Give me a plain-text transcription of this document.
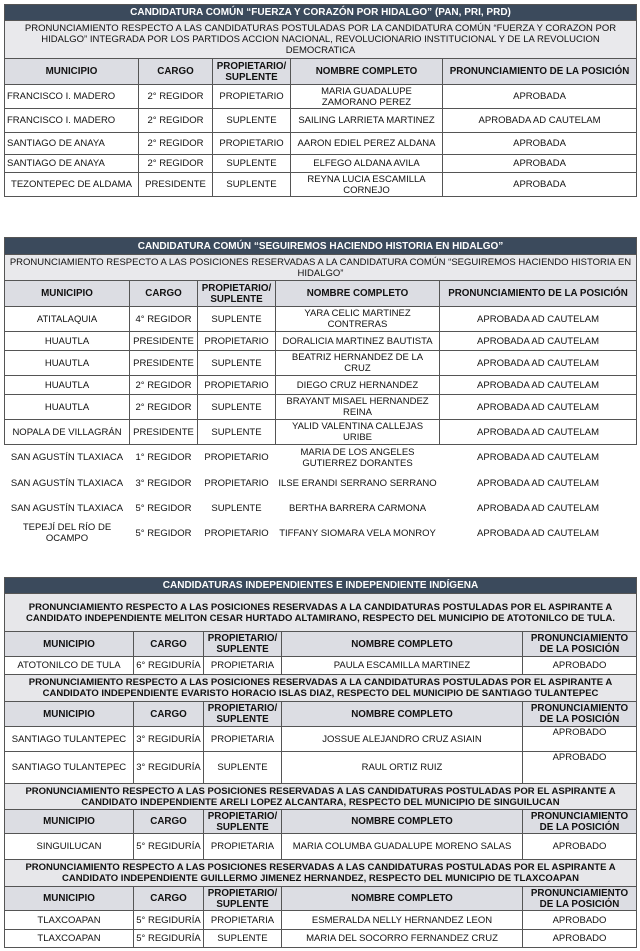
CANDIDATURA COMÚN “FUERZA Y CORAZÓN POR HIDALGO” (PAN, PRI, PRD)				
PRONUNCIAMIENTO RESPECTO A LAS CANDIDATURAS POSTULADAS POR LA CANDIDATURA COMÚN “FUERZA Y CORAZON POR HIDALGO” INTEGRADA POR LOS PARTIDOS ACCION NACIONAL, REVOLUCIONARIO INSTITUCIONAL Y DE LA REVOLUCION DEMOCRATICA				
MUNICIPIO	CARGO	PROPIETARIO/ SUPLENTE	NOMBRE COMPLETO	PRONUNCIAMIENTO DE LA POSICIÓN
FRANCISCO I. MADERO	2° REGIDOR	PROPIETARIO	MARIA GUADALUPE ZAMORANO PEREZ	APROBADA
FRANCISCO I. MADERO	2° REGIDOR	SUPLENTE	SAILING LARRIETA MARTINEZ	APROBADA AD CAUTELAM
SANTIAGO DE ANAYA	2° REGIDOR	PROPIETARIO	AARON EDIEL PEREZ ALDANA	APROBADA
SANTIAGO DE ANAYA	2° REGIDOR	SUPLENTE	ELFEGO ALDANA AVILA	APROBADA
TEZONTEPEC DE ALDAMA	PRESIDENTE	SUPLENTE	REYNA LUCIA ESCAMILLA CORNEJO	APROBADA
CANDIDATURA COMÚN “SEGUIREMOS HACIENDO HISTORIA EN HIDALGO”				
PRONUNCIAMIENTO RESPECTO A LAS POSICIONES RESERVADAS A LA CANDIDATURA COMÚN “SEGUIREMOS HACIENDO HISTORIA EN HIDALGO”				
MUNICIPIO	CARGO	PROPIETARIO/ SUPLENTE	NOMBRE COMPLETO	PRONUNCIAMIENTO DE LA POSICIÓN
ATITALAQUIA	4° REGIDOR	SUPLENTE	YARA CELIC MARTINEZ CONTRERAS	APROBADA AD CAUTELAM
HUAUTLA	PRESIDENTE	PROPIETARIO	DORALICIA MARTINEZ BAUTISTA	APROBADA AD CAUTELAM
HUAUTLA	PRESIDENTE	SUPLENTE	BEATRIZ HERNANDEZ DE LA CRUZ	APROBADA AD CAUTELAM
HUAUTLA	2° REGIDOR	PROPIETARIO	DIEGO CRUZ HERNANDEZ	APROBADA AD CAUTELAM
HUAUTLA	2° REGIDOR	SUPLENTE	BRAYANT MISAEL HERNANDEZ REINA	APROBADA AD CAUTELAM
NOPALA DE VILLAGRÁN	PRESIDENTE	SUPLENTE	YALID VALENTINA CALLEJAS URIBE	APROBADA AD CAUTELAM
SAN AGUSTÍN TLAXIACA	1° REGIDOR	PROPIETARIO	MARIA DE LOS ANGELES GUTIERREZ DORANTES	APROBADA AD CAUTELAM
SAN AGUSTÍN TLAXIACA	3° REGIDOR	PROPIETARIO	ILSE ERANDI SERRANO SERRANO	APROBADA AD CAUTELAM
SAN AGUSTÍN TLAXIACA	5° REGIDOR	SUPLENTE	BERTHA BARRERA CARMONA	APROBADA AD CAUTELAM
TEPEJÍ DEL RÍO DE OCAMPO	5° REGIDOR	PROPIETARIO	TIFFANY SIOMARA VELA MONROY	APROBADA AD CAUTELAM
CANDIDATURAS INDEPENDIENTES E INDEPENDIENTE INDÍGENA				
PRONUNCIAMIENTO RESPECTO A LAS POSICIONES RESERVADAS A LA CANDIDATURAS POSTULADAS POR EL ASPIRANTE A CANDIDATO INDEPENDIENTE MELITON CESAR HURTADO ALTAMIRANO, RESPECTO DEL MUNICIPIO DE ATOTONILCO DE TULA.				
MUNICIPIO	CARGO	PROPIETARIO/ SUPLENTE	NOMBRE COMPLETO	PRONUNCIAMIENTO DE LA POSICIÓN
ATOTONILCO DE TULA	6° REGIDURÍA	PROPIETARIA	PAULA ESCAMILLA MARTINEZ	APROBADO
PRONUNCIAMIENTO RESPECTO A LAS POSICIONES RESERVADAS A LA CANDIDATURAS POSTULADAS POR EL ASPIRANTE A CANDIDATO INDEPENDIENTE EVARISTO HORACIO ISLAS DIAZ, RESPECTO DEL MUNICIPIO DE SANTIAGO TULANTEPEC				
MUNICIPIO	CARGO	PROPIETARIO/ SUPLENTE	NOMBRE COMPLETO	PRONUNCIAMIENTO DE LA POSICIÓN
SANTIAGO TULANTEPEC	3° REGIDURÍA	PROPIETARIA	JOSSUE ALEJANDRO CRUZ ASIAIN	APROBADO
SANTIAGO TULANTEPEC	3° REGIDURÍA	SUPLENTE	RAUL ORTIZ RUIZ	APROBADO
PRONUNCIAMIENTO RESPECTO A LAS POSICIONES RESERVADAS A LAS CANDIDATURAS POSTULADAS POR EL ASPIRANTE A CANDIDATO INDEPENDIENTE ARELI LOPEZ ALCANTARA, RESPECTO DEL MUNICIPIO DE SINGUILUCAN				
MUNICIPIO	CARGO	PROPIETARIO/ SUPLENTE	NOMBRE COMPLETO	PRONUNCIAMIENTO DE LA POSICIÓN
SINGUILUCAN	5° REGIDURÍA	PROPIETARIA	MARIA COLUMBA GUADALUPE MORENO SALAS	APROBADO
PRONUNCIAMIENTO RESPECTO A LAS POSICIONES RESERVADAS A LAS CANDIDATURAS POSTULADAS POR EL ASPIRANTE A CANDIDATO INDEPENDIENTE GUILLERMO JIMENEZ HERNANDEZ, RESPECTO DEL MUNICIPIO DE TLAXCOAPAN				
MUNICIPIO	CARGO	PROPIETARIO/ SUPLENTE	NOMBRE COMPLETO	PRONUNCIAMIENTO DE LA POSICIÓN
TLAXCOAPAN	5° REGIDURÍA	PROPIETARIA	ESMERALDA NELLY HERNANDEZ LEON	APROBADO
TLAXCOAPAN	5° REGIDURÍA	SUPLENTE	MARIA DEL SOCORRO FERNANDEZ CRUZ	APROBADO
